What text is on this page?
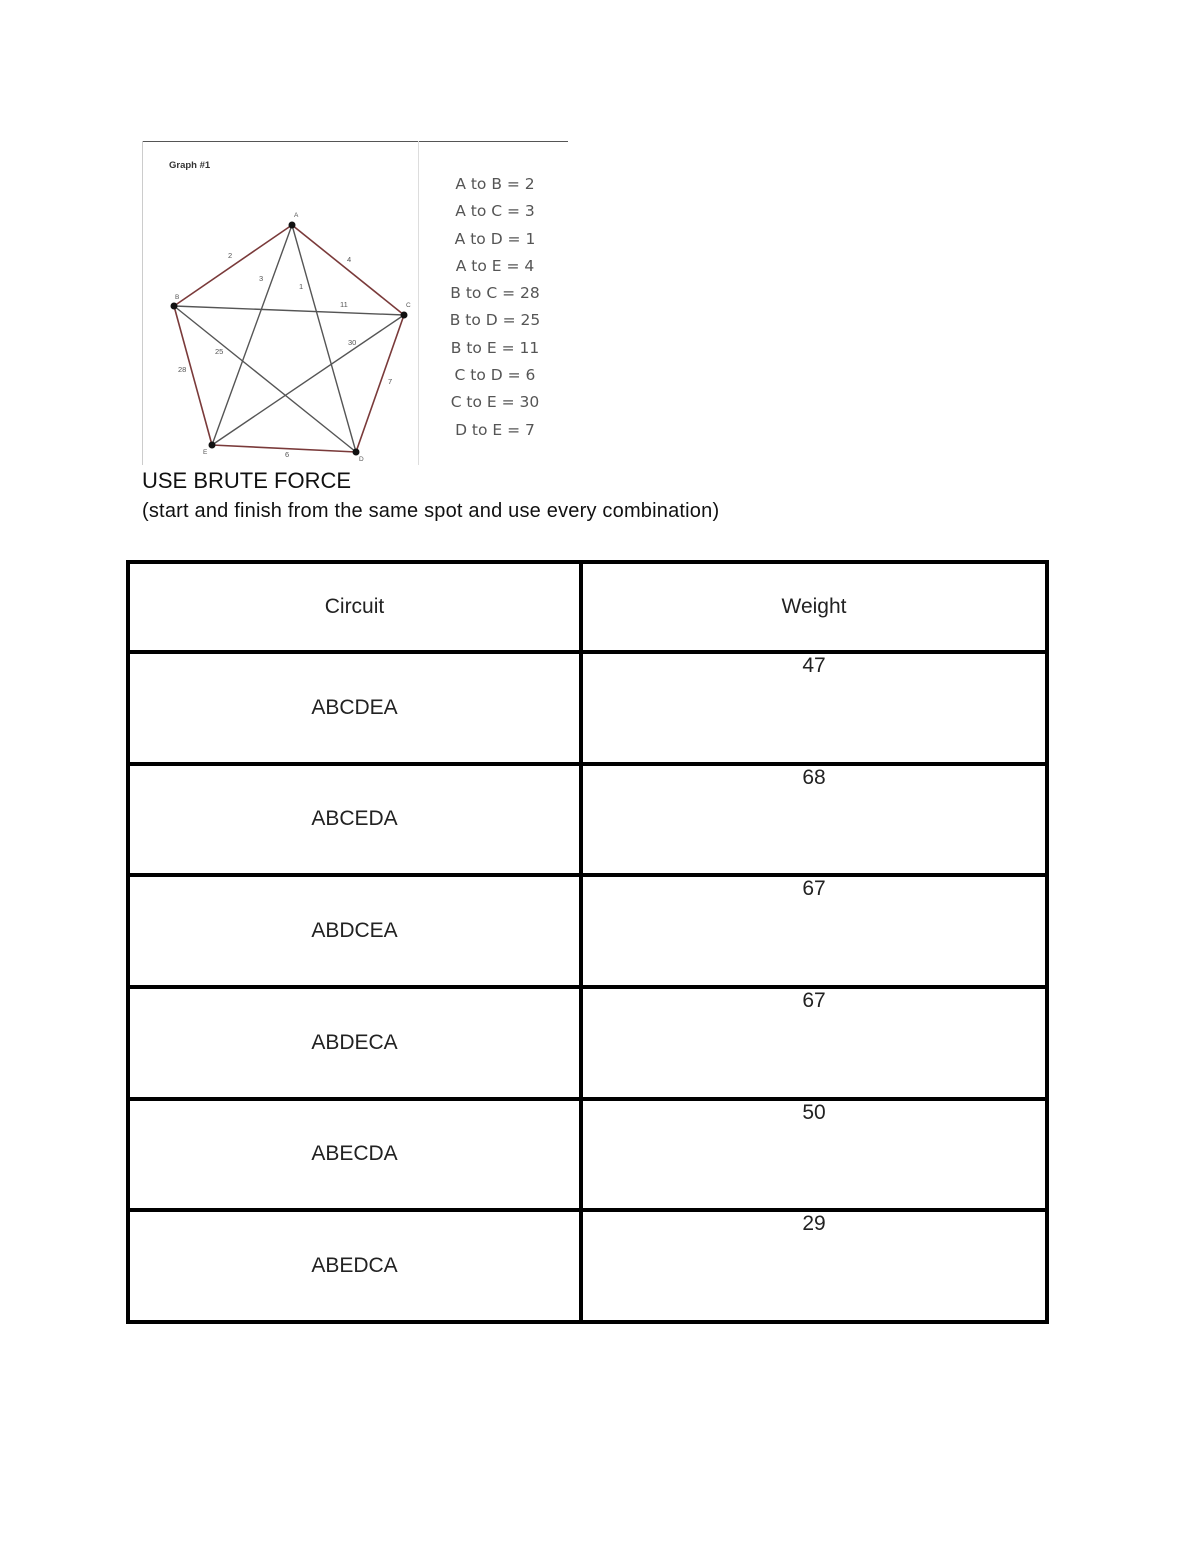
Graph #1
2	4
3
1
11
30
25
28
7
6
A
B
C
D
E
A to B = 2
A to C = 3
A to D = 1
A to E = 4
B to C = 28
B to D = 25
B to E = 11
C to D = 6
C to E = 30
D to E = 7
USE BRUTE FORCE
(start and finish from the same spot and use every combination)
Circuit	Weight
ABCDEA	47
ABCEDA	68
ABDCEA	67
ABDECA	67
ABECDA	50
ABEDCA	29
